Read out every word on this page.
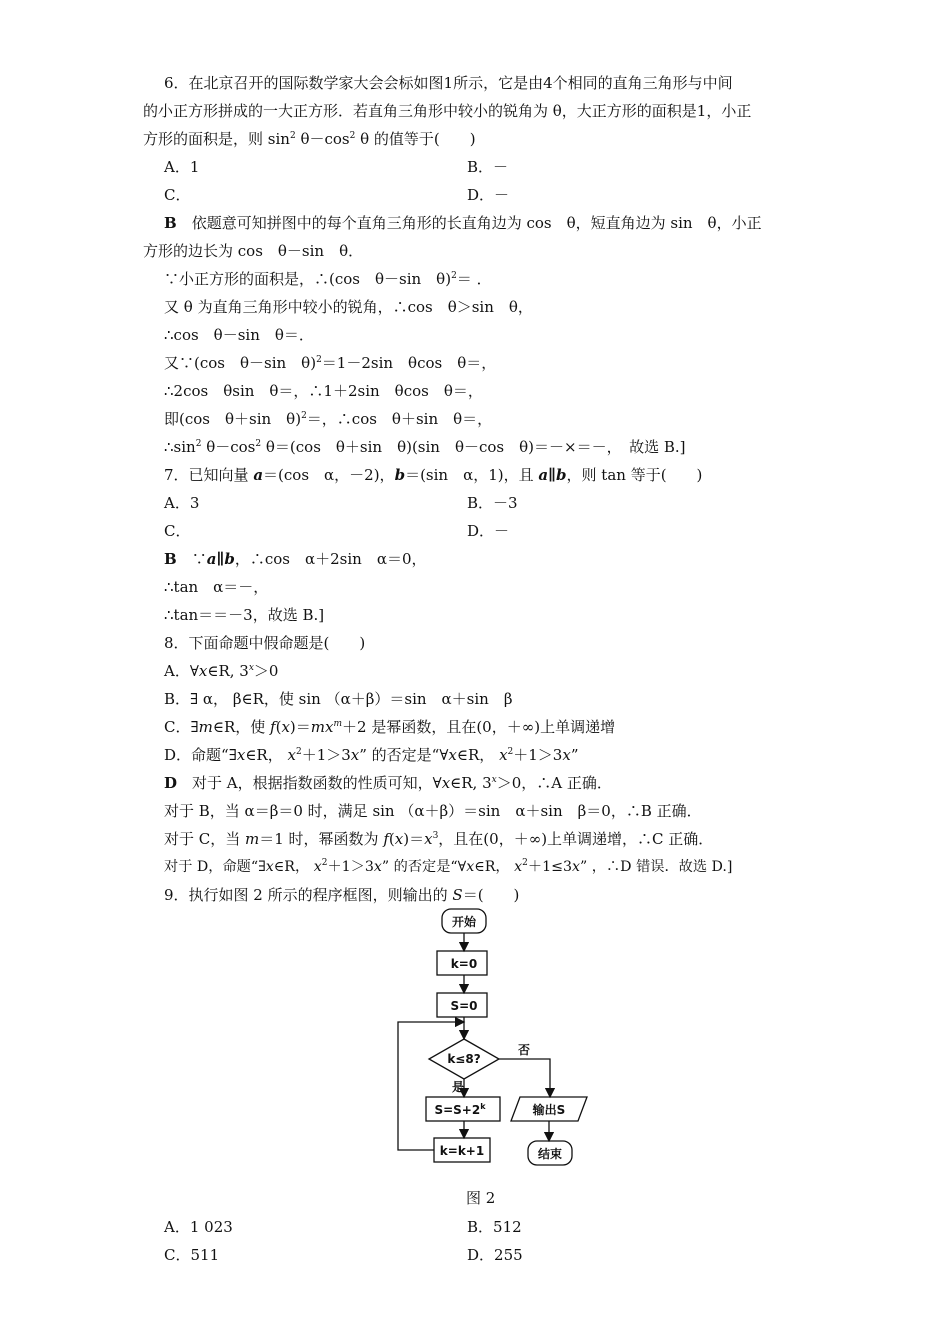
6．在北京召开的国际数学家大会会标如图1所示，它是由4个相同的直角三角形与中间
的小正方形拼成的一大正方形．若直角三角形中较小的锐角为 θ，大正方形的面积是1，小正
方形的面积是，则 $\sin^2 \theta-\cos^2$ θ 的值等于(　　)
A．1	B．－
C．	D．－
B　 依题意可知拼图中的每个直角三角形的长直角边为 cos　θ，短直角边为 sin　θ，小正
方形的边长为 cos　θ－sin　θ．
∵小正方形的面积是，∴(cos　θ－sin　θ)$^2$＝ ．
又 θ 为直角三角形中较小的锐角，∴cos　θ＞sin　θ，
∴cos　θ－sin　θ＝．
又∵(cos　θ－sin　θ)$^2$＝1－2sin　θcos　θ＝，
∴2cos　θsin　θ＝，∴1＋2sin　θcos　θ＝，
即(cos　θ＋sin　θ)$^2$＝，∴cos　θ＋sin　θ＝，
$\therefore\sin^2$ $\theta-\cos^2$ θ＝(cos　θ＋sin　θ)(sin　θ－cos　θ)＝－×＝－，　故选 B.]
7．已知向量 a＝(cos　α，－2)，b＝(sin　α，1)，且 a∥b，则 tan 等于(　　)
A．3	B．－3
C．	D．－
B　 ∵a∥b，∴cos　α＋2sin　α＝0，
∴tan　α＝－，
∴tan＝＝－3，故选 B.]
8．下面命题中假命题是(　　)
A．∀x∈R, $3^x>0$
B．∃ α， β∈R，使 sin （α＋β）＝sin　α＋sin　β
C．∃m∈R，使 $f(x)=mx^m+2$ 是幂函数，且在(0，＋∞)上单调递增
D．命题“∃x∈R， $x^2+1>3x$” 的否定是“∀x∈R， $x^2+1>3x$”
D　 对于 A，根据指数函数的性质可知，∀x∈R, $3^x>0$，∴A 正确．
对于 B，当 α＝β＝0 时，满足 sin （α＋β）＝sin　α＋sin　β＝0，∴B 正确．
对于 C，当 m＝1 时，幂函数为 $f(x)=x^3$，且在(0，＋∞)上单调递增，∴C 正确．
对于 D，命题“∃x∈R， $x^2+1>3x$” 的否定是“∀x∈R， $x^2+1\le 3x$” ，∴D 错误．故选 D.]
9．执行如图 2 所示的程序框图，则输出的 S＝(　　)
开始
k=0
S=0
k≤8?
否
是
$S=S+2^k$
k=k+1
输出S
结束
图 2
A．1 023	B．512
C．511	D．255
